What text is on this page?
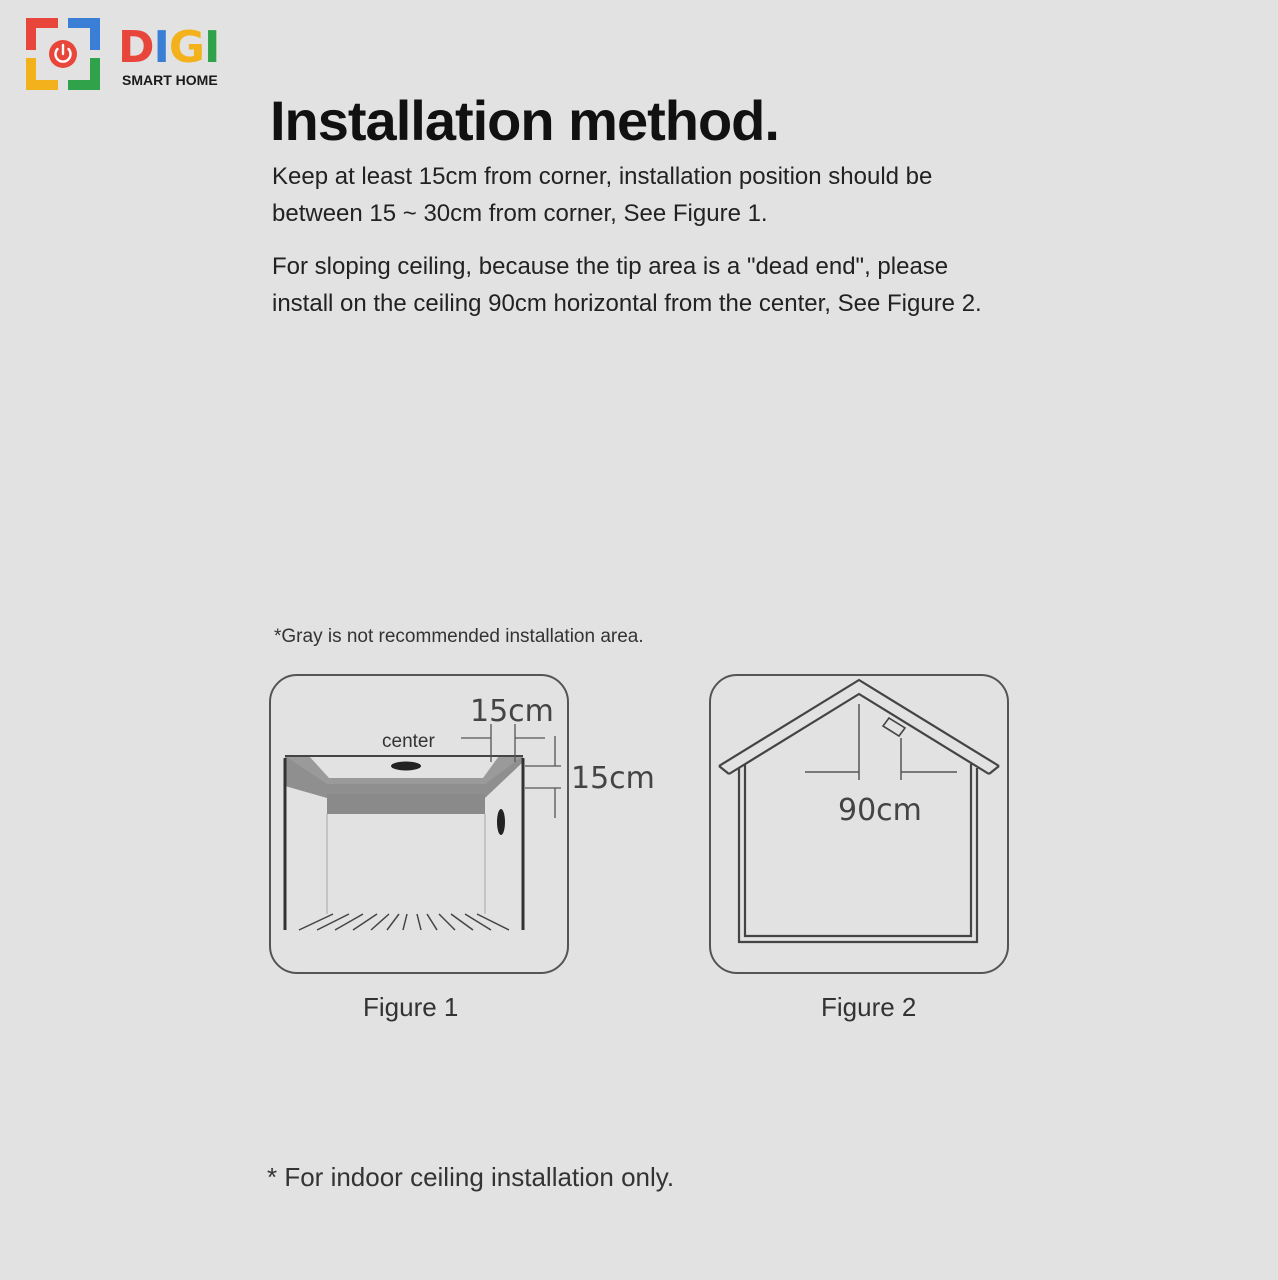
DIGI
SMART HOME
Installation method.

Keep at least 15cm from corner, installation position should be between 15 ~ 30cm from corner, See Figure 1.

For sloping ceiling, because the tip area is a "dead end", please install on the ceiling 90cm horizontal from the center, See Figure 2.

*Gray is not recommended installation area.

center
15cm
15cm

Figure 1

90cm

Figure 2

* For indoor ceiling installation only.
